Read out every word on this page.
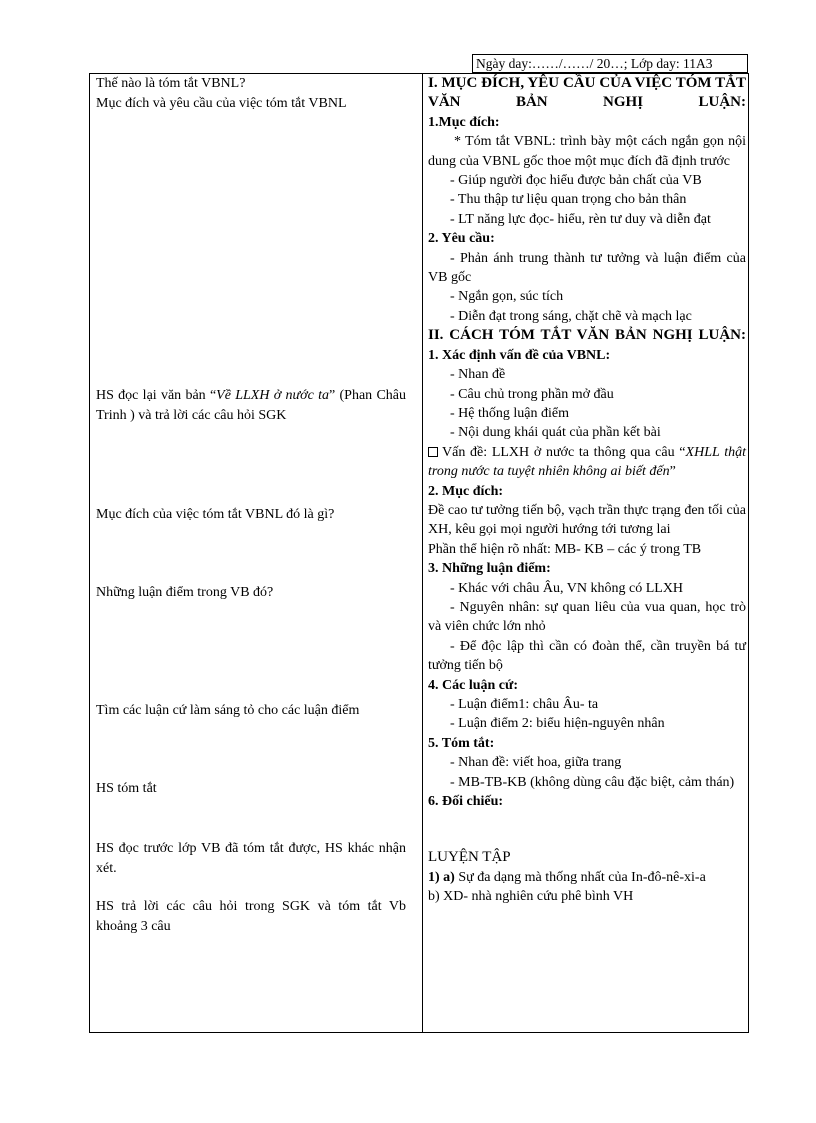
Ngày day:……/……/ 20…; Lớp day: 11A3
Thế nào là tóm tắt VBNL?
Mục đích và yêu cầu của việc tóm tắt VBNL
HS đọc lại văn bản “Về LLXH ở nước ta” (Phan Châu Trinh ) và trả lời các câu hỏi SGK
Mục đích của việc tóm tắt VBNL đó là gì?
Những luận điểm trong VB đó?
Tìm các luận cứ làm sáng tỏ cho các luận điểm
HS tóm tắt
HS đọc trước lớp VB đã tóm tắt được, HS khác nhận xét.
HS trả lời các câu hỏi trong SGK và tóm tắt Vb khoảng 3 câu

I. MỤC ĐÍCH, YÊU CẦU CỦA VIỆC TÓM TẮT VĂN BẢN NGHỊ LUẬN:

1.Mục đích:

* Tóm tắt VBNL: trình bày một cách ngắn gọn nội dung của VBNL gốc thoe một mục đích đã định trước

- Giúp người đọc hiểu được bản chất của VB

- Thu thập tư liệu quan trọng cho bản thân

- LT năng lực đọc- hiểu, rèn tư duy và diễn đạt

2. Yêu cầu:

- Phản ánh trung thành tư tưởng và luận điểm của VB gốc

- Ngắn gọn, súc tích

- Diễn đạt trong sáng, chặt chẽ và mạch lạc

II. CÁCH TÓM TẮT VĂN BẢN NGHỊ LUẬN:

1. Xác định vấn đề của VBNL:

- Nhan đề

- Câu chủ trong phần mở đầu

- Hệ thống luận điểm

- Nội dung khái quát của phần kết bài

Vấn đề: LLXH ở nước ta thông qua câu “XHLL thật trong nước ta tuyệt nhiên không ai biết đến”

2. Mục đích:

Đề cao tư tưởng tiến bộ, vạch trần thực trạng đen tối của XH, kêu gọi mọi người hướng tới tương lai

Phần thể hiện rõ nhất: MB- KB – các ý trong TB

3. Những luận điểm:

- Khác với châu Âu, VN không có LLXH

- Nguyên nhân: sự quan liêu của vua quan, học trò và viên chức lớn nhỏ

- Để độc lập thì cần có đoàn thể, cần truyền bá tư tưởng tiến bộ

4. Các luận cứ:

- Luận điểm1: châu Âu- ta

- Luận điểm 2: biểu hiện-nguyên nhân

5. Tóm tắt:

- Nhan đề: viết hoa, giữa trang

- MB-TB-KB (không dùng câu đặc biệt, cảm thán)

6. Đối chiếu:

LUYỆN TẬP

1) a) Sự đa dạng mà thống nhất của In-đô-nê-xi-a

b) XD- nhà nghiên cứu phê bình VH
